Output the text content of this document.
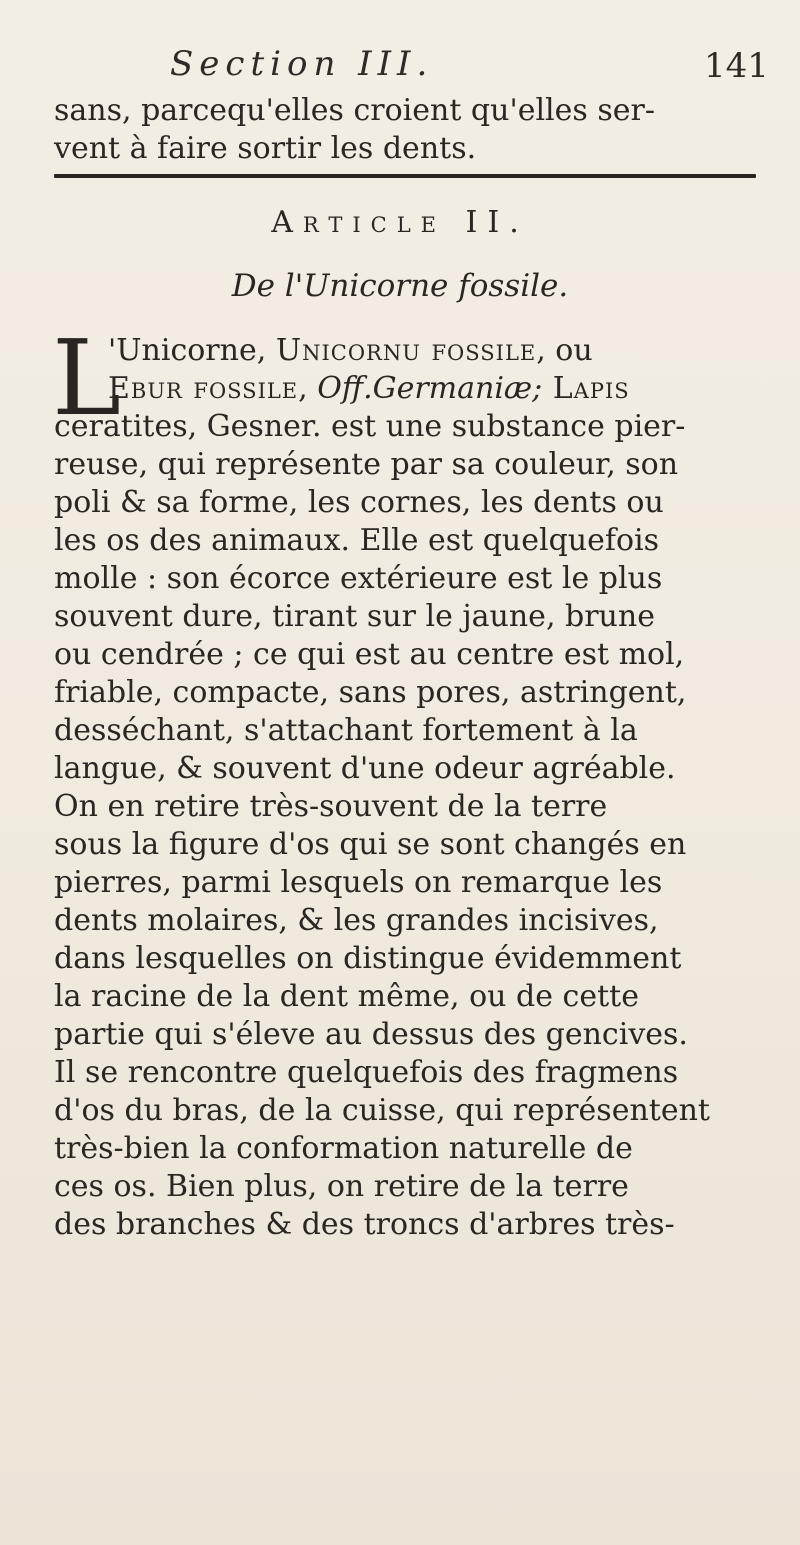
Section III.	141
sans, parcequ'elles croient qu'elles ser-
vent à faire sortir les dents.
Article II.
De l'Unicorne fossile.
L
'Unicorne, Unicornu fossile, ou
Ebur fossile, Off.Germaniæ; Lapis
ceratites, Gesner. est une substance pier-
reuse, qui représente par sa couleur, son
poli & sa forme, les cornes, les dents ou
les os des animaux. Elle est quelquefois
molle : son écorce extérieure est le plus
souvent dure, tirant sur le jaune, brune
ou cendrée ; ce qui est au centre est mol,
friable, compacte, sans pores, astringent,
desséchant, s'attachant fortement à la
langue, & souvent d'une odeur agréable.
On en retire très-souvent de la terre
sous la figure d'os qui se sont changés en
pierres, parmi lesquels on remarque les
dents molaires, & les grandes incisives,
dans lesquelles on distingue évidemment
la racine de la dent même, ou de cette
partie qui s'éleve au dessus des gencives.
Il se rencontre quelquefois des fragmens
d'os du bras, de la cuisse, qui représentent
très-bien la conformation naturelle de
ces os. Bien plus, on retire de la terre
des branches & des troncs d'arbres très-
